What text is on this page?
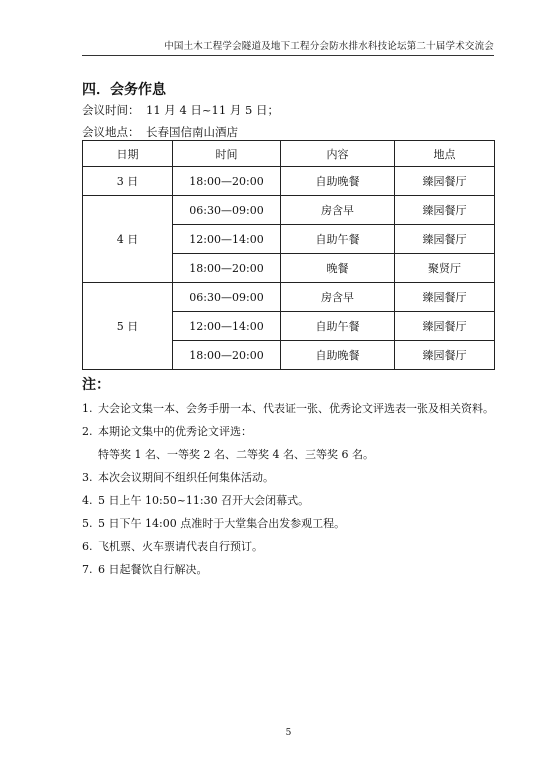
中国土木工程学会隧道及地下工程分会防水排水科技论坛第二十届学术交流会
四．会务作息
会议时间： 11 月 4 日~11 月 5 日；
会议地点： 长春国信南山酒店
日期	时间	内容	地点
3 日	18:00—20:00	自助晚餐	臻园餐厅
4 日	06:30—09:00	房含早	臻园餐厅
	12:00—14:00	自助午餐	臻园餐厅
	18:00—20:00	晚餐	聚贤厅
5 日	06:30—09:00	房含早	臻园餐厅
	12:00—14:00	自助午餐	臻园餐厅
	18:00—20:00	自助晚餐	臻园餐厅
注：
1. 大会论文集一本、会务手册一本、代表证一张、优秀论文评选表一张及相关资料。
2. 本期论文集中的优秀论文评选：
特等奖 1 名、一等奖 2 名、二等奖 4 名、三等奖 6 名。
3. 本次会议期间不组织任何集体活动。
4. 5 日上午 10:50~11:30 召开大会闭幕式。
5. 5 日下午 14:00 点准时于大堂集合出发参观工程。
6. 飞机票、火车票请代表自行预订。
7. 6 日起餐饮自行解决。
5
